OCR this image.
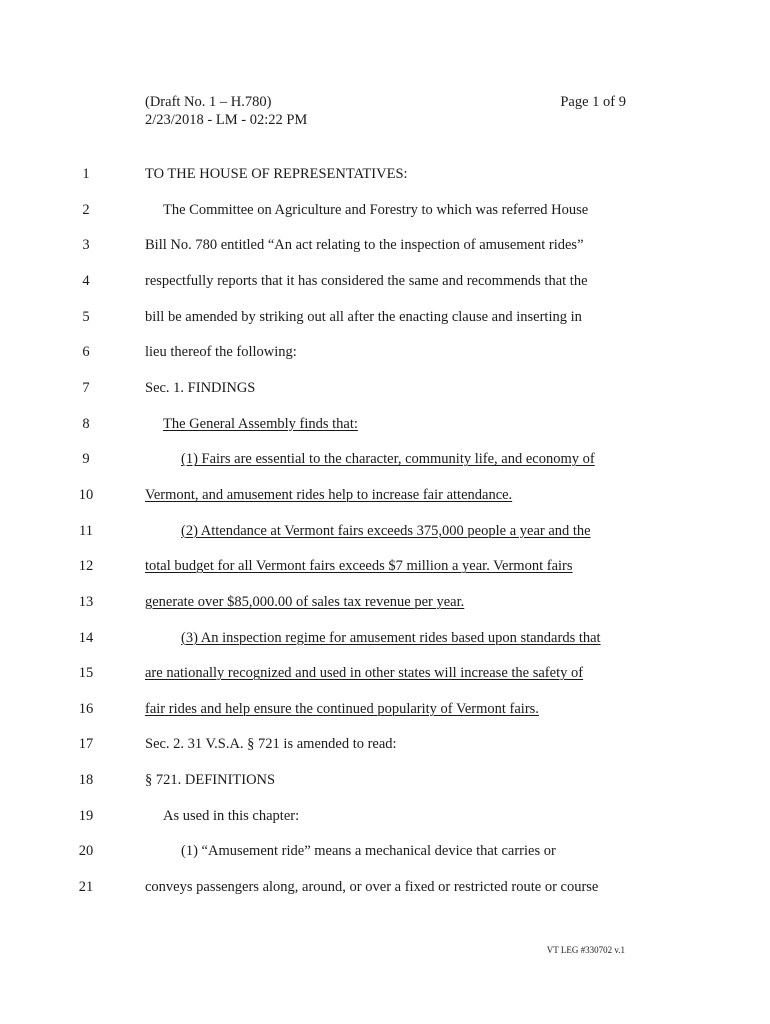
(Draft No. 1 – H.780)
2/23/2018 - LM - 02:22 PM
Page 1 of 9
1	TO THE HOUSE OF REPRESENTATIVES:
2	The Committee on Agriculture and Forestry to which was referred House
3	Bill No. 780 entitled “An act relating to the inspection of amusement rides”
4	respectfully reports that it has considered the same and recommends that the
5	bill be amended by striking out all after the enacting clause and inserting in
6	lieu thereof the following:
7	Sec. 1. FINDINGS
8	The General Assembly finds that:
9	(1) Fairs are essential to the character, community life, and economy of
10	Vermont, and amusement rides help to increase fair attendance.
11	(2) Attendance at Vermont fairs exceeds 375,000 people a year and the
12	total budget for all Vermont fairs exceeds $7 million a year. Vermont fairs
13	generate over $85,000.00 of sales tax revenue per year.
14	(3) An inspection regime for amusement rides based upon standards that
15	are nationally recognized and used in other states will increase the safety of
16	fair rides and help ensure the continued popularity of Vermont fairs.
17	Sec. 2. 31 V.S.A. § 721 is amended to read:
18	§ 721. DEFINITIONS
19	As used in this chapter:
20	(1) “Amusement ride” means a mechanical device that carries or
21	conveys passengers along, around, or over a fixed or restricted route or course
VT LEG #330702 v.1
